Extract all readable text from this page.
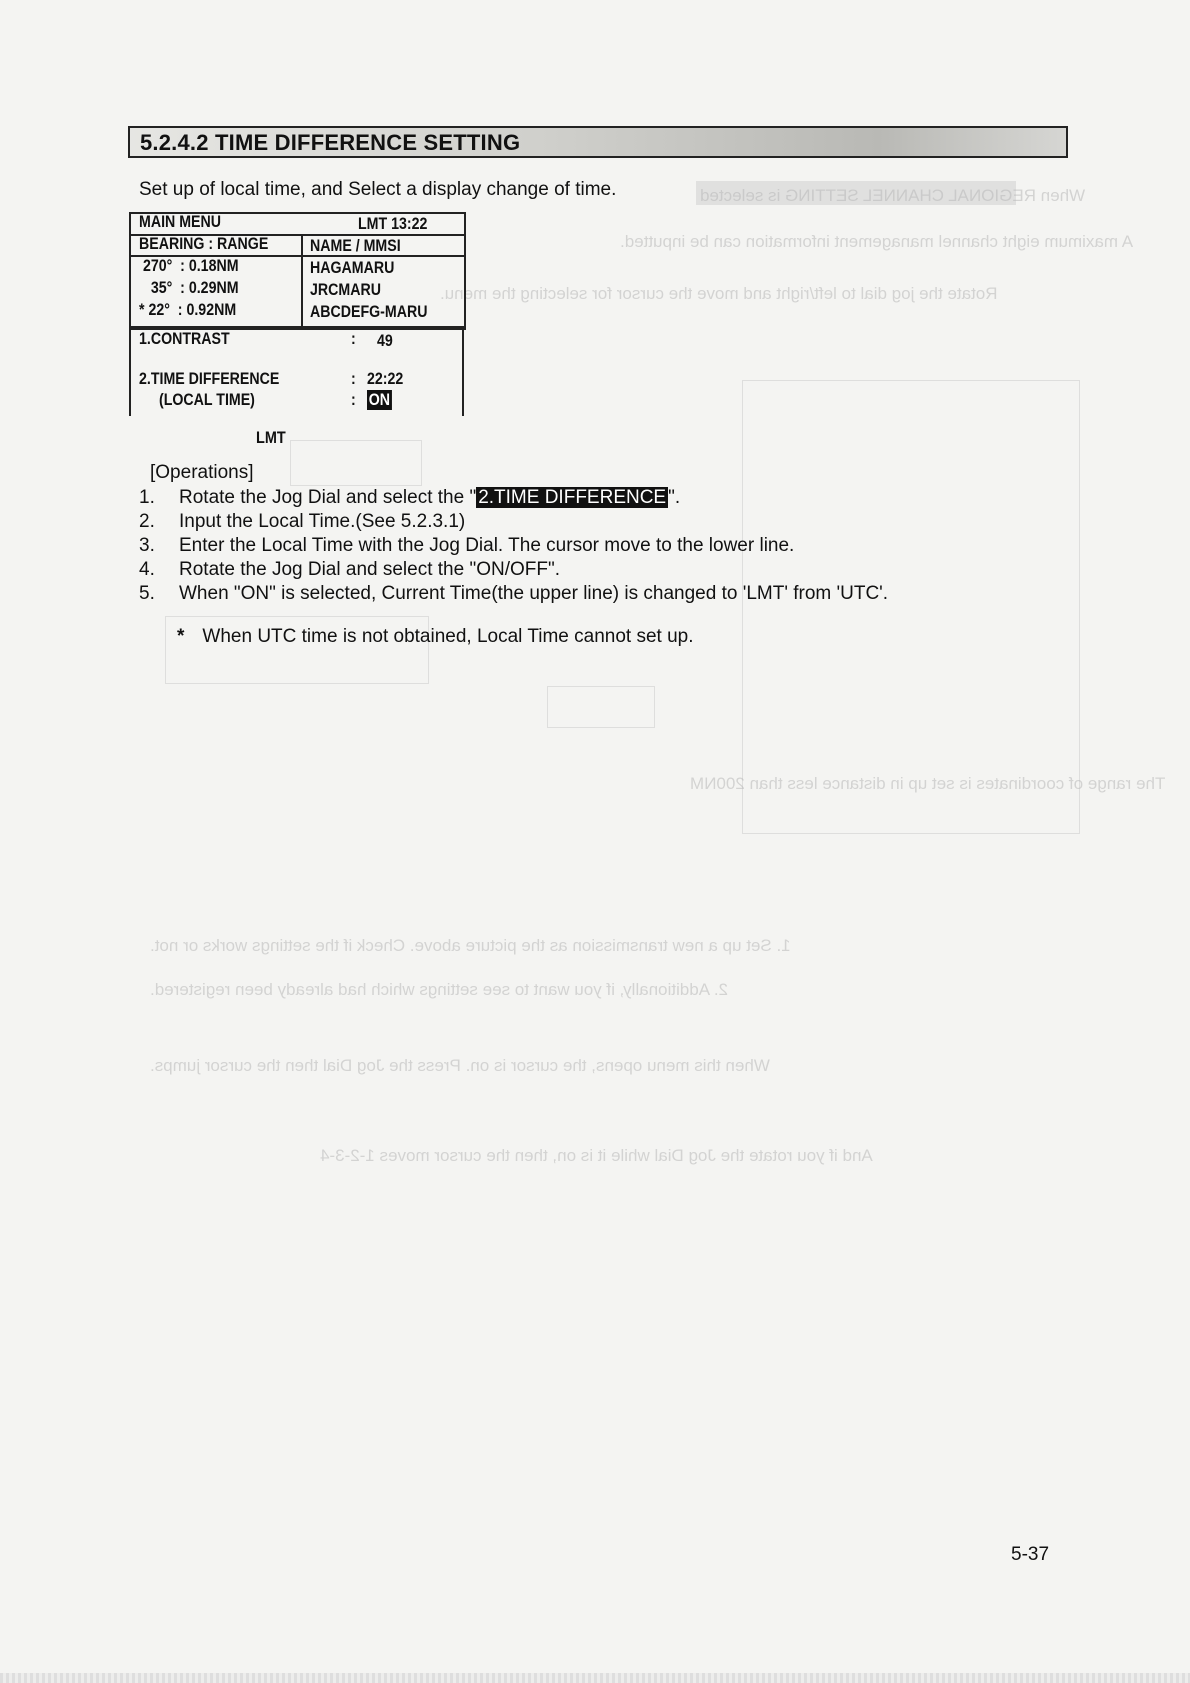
When REGIONAL CHANNEL SETTING is selected
A maximum eight channel management information can be inputted.
Rotate the jog dial to left/right and move the cursor for selecting the menu.
The range of coordinates is set up in distance less than 200NM
1. Set up a new transmission as the picture above. Check if the settings works or not.
2. Additionally, if you want to see settings which had already been registered.
When this menu opens, the cursor is on. Press the Jog Dial then the cursor jumps.
And if you rotate the Jog Dial while it is on, then the cursor moves 1-2-3-4
5.2.4.2 TIME DIFFERENCE SETTING
Set up of local time, and Select a display change of time.
MAIN MENU	LMT 13:22
BEARING : RANGE	NAME / MMSI
270°  : 0.18NM	HAGAMARU
35°  : 0.29NM	JRCMARU
* 22°  : 0.92NM	ABCDEFG-MARU
1.CONTRAST	: 49
2.TIME DIFFERENCE	: 22:22
(LOCAL TIME)	: ON
LMT
[Operations]
1. Rotate the Jog Dial and select the " 2.TIME DIFFERENCE ".
2. Input the Local Time.(See 5.2.3.1)
3. Enter the Local Time with the Jog Dial. The cursor move to the lower line.
4. Rotate the Jog Dial and select the "ON/OFF".
5. When "ON" is selected, Current Time(the upper line) is changed to 'LMT' from 'UTC'.
* When UTC time is not obtained, Local Time cannot set up.
5-37
